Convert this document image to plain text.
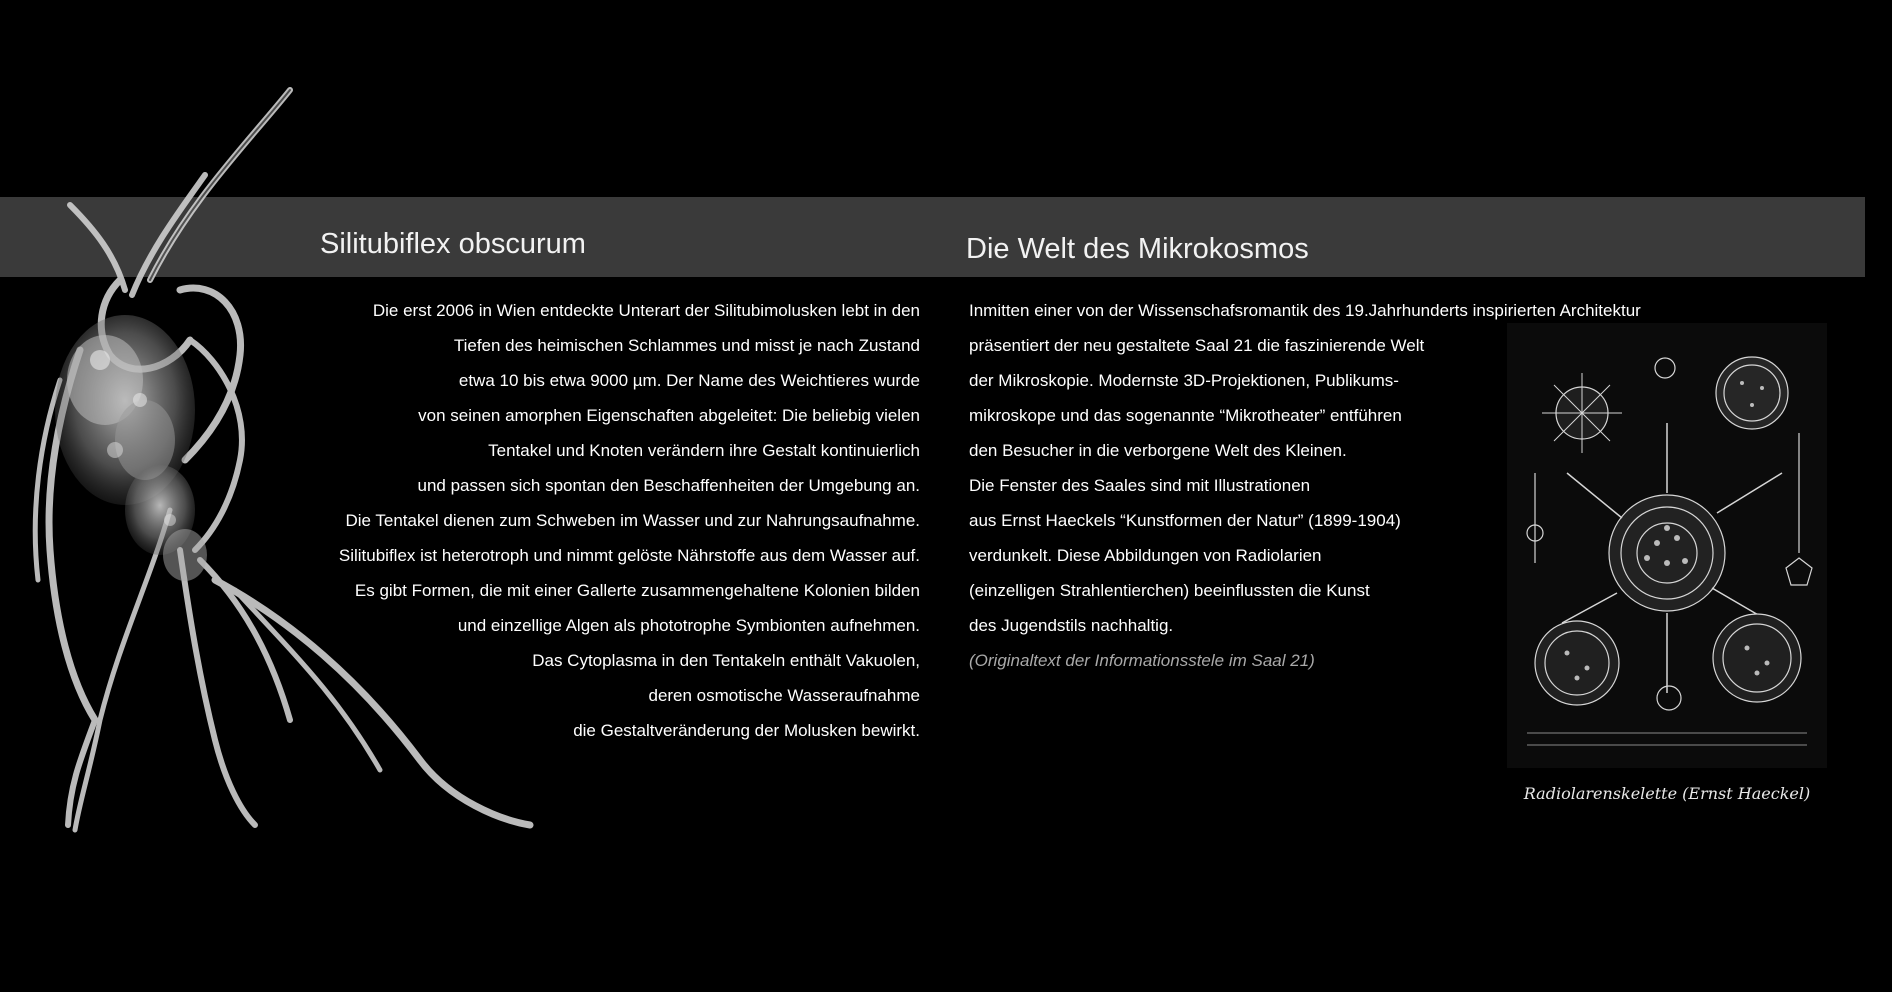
Silitubiflex obscurum	Die Welt des Mikrokosmos
Die erst 2006 in Wien entdeckte Unterart der Silitubimolusken lebt in den
Tiefen des heimischen Schlammes und misst je nach Zustand
etwa 10 bis etwa 9000 µm. Der Name des Weichtieres wurde
von seinen amorphen Eigenschaften abgeleitet: Die beliebig vielen
Tentakel und Knoten verändern ihre Gestalt kontinuierlich
und passen sich spontan den Beschaffenheiten der Umgebung an.
Die Tentakel dienen zum Schweben im Wasser und zur Nahrungsaufnahme.
Silitubiflex ist heterotroph und nimmt gelöste Nährstoffe aus dem Wasser auf.
Es gibt Formen, die mit einer Gallerte zusammengehaltene Kolonien bilden
und einzellige Algen als phototrophe Symbionten aufnehmen.
Das Cytoplasma in den Tentakeln enthält Vakuolen,
deren osmotische Wasseraufnahme
die Gestaltveränderung der Molusken bewirkt.
Inmitten einer von der Wissenschafsromantik des 19.Jahrhunderts inspirierten Architektur
präsentiert der neu gestaltete Saal 21 die faszinierende Welt
der Mikroskopie. Modernste 3D-Projektionen, Publikums-
mikroskope und das sogenannte “Mikrotheater” entführen
den Besucher in die verborgene Welt des Kleinen.
Die Fenster des Saales sind mit Illustrationen
aus Ernst Haeckels “Kunstformen der Natur” (1899-1904)
verdunkelt. Diese Abbildungen von Radiolarien
(einzelligen Strahlentierchen) beeinflussten die Kunst
des Jugendstils nachhaltig.
(Originaltext der Informationsstele im Saal 21)
Radiolarenskelette (Ernst Haeckel)
